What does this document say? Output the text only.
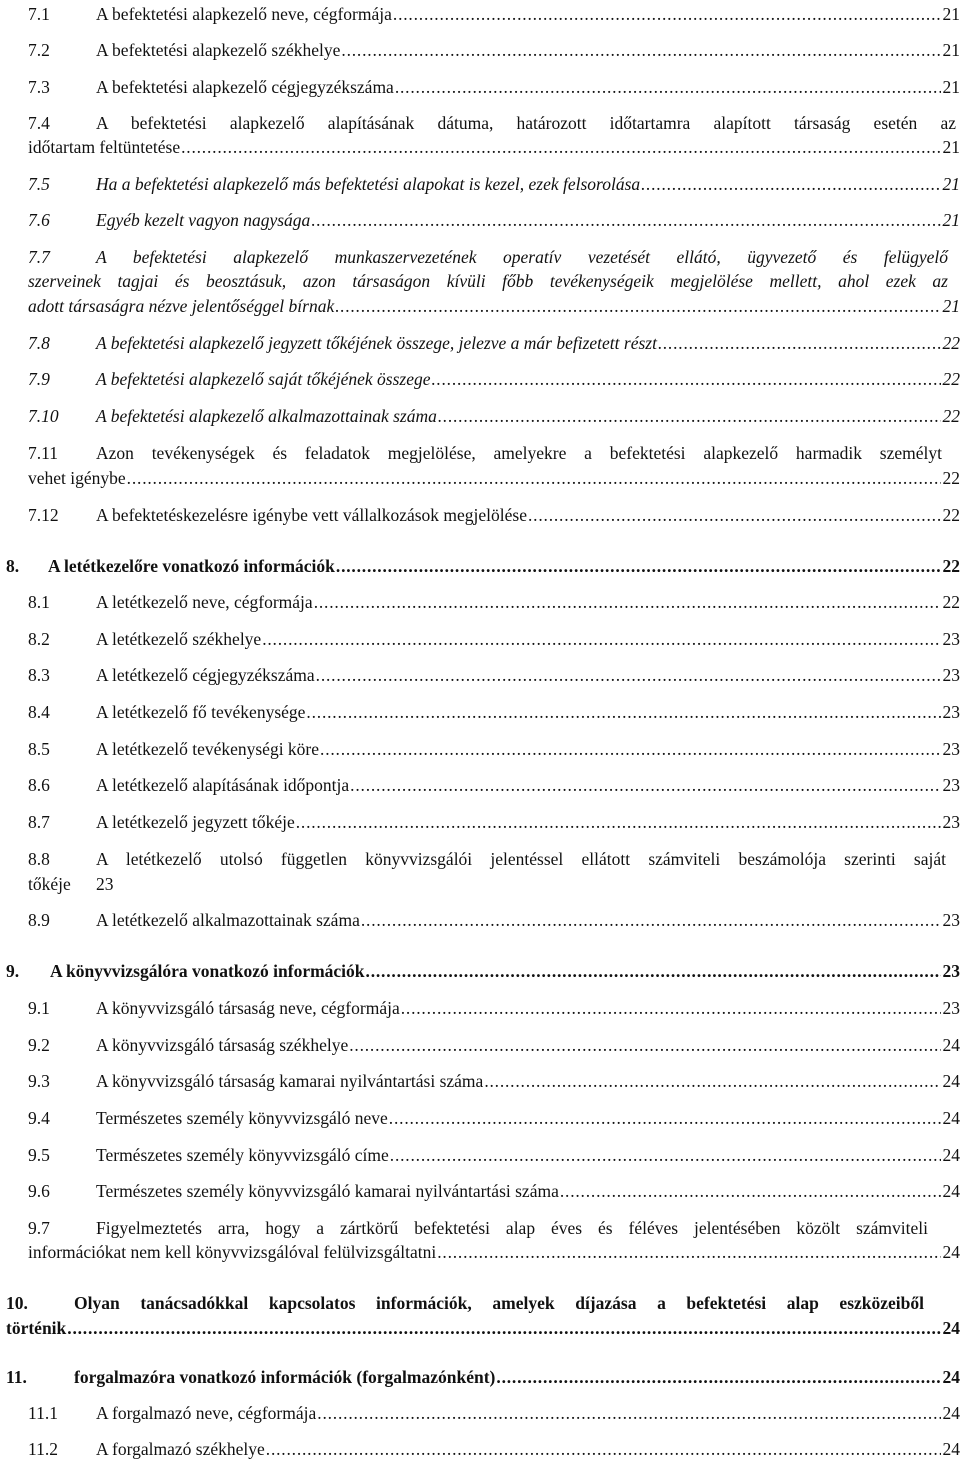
7.1	A befektetési alapkezelő neve, cégformája .....	21
7.2	A befektetési alapkezelő székhelye .....	21
7.3	A befektetési alapkezelő cégjegyzékszáma .....	21
7.4	A befektetési alapkezelő alapításának dátuma, határozott időtartamra alapított társaság esetén az
időtartam feltüntetése .....	21
7.5	Ha a befektetési alapkezelő más befektetési alapokat is kezel, ezek felsorolása .....	21
7.6	Egyéb kezelt vagyon nagysága .....	21
7.7	A befektetési alapkezelő munkaszervezetének operatív vezetését ellátó, ügyvezető és felügyelő
szerveinek tagjai és beosztásuk, azon társaságon kívüli főbb tevékenységeik megjelölése mellett, ahol ezek az
adott társaságra nézve jelentőséggel bírnak .....	21
7.8	A befektetési alapkezelő jegyzett tőkéjének összege, jelezve a már befizetett részt .....	22
7.9	A befektetési alapkezelő saját tőkéjének összege .....	22
7.10	A befektetési alapkezelő alkalmazottainak száma .....	22
7.11 Azon tevékenységek és feladatok megjelölése, amelyekre a befektetési alapkezelő harmadik személyt
vehet igénybe .....	22
7.12	A befektetéskezelésre igénybe vett vállalkozások megjelölése .....	22
8.	A letétkezelőre vonatkozó információk .....	22
8.1	A letétkezelő neve, cégformája .....	22
8.2	A letétkezelő székhelye .....	23
8.3	A letétkezelő cégjegyzékszáma .....	23
8.4	A letétkezelő fő tevékenysége .....	23
8.5	A letétkezelő tevékenységi köre .....	23
8.6	A letétkezelő alapításának időpontja .....	23
8.7	A letétkezelő jegyzett tőkéje .....	23
8.8	A letétkezelő utolsó független könyvvizsgálói jelentéssel ellátott számviteli beszámolója szerinti saját
tőkéje 23
8.9	A letétkezelő alkalmazottainak száma .....	23
9.	A könyvvizsgálóra vonatkozó információk .....	23
9.1	A könyvvizsgáló társaság neve, cégformája .....	23
9.2	A könyvvizsgáló társaság székhelye .....	24
9.3	A könyvvizsgáló társaság kamarai nyilvántartási száma .....	24
9.4	Természetes személy könyvvizsgáló neve .....	24
9.5	Természetes személy könyvvizsgáló címe .....	24
9.6	Természetes személy könyvvizsgáló kamarai nyilvántartási száma .....	24
9.7	Figyelmeztetés arra, hogy a zártkörű befektetési alap éves és féléves jelentésében közölt számviteli
információkat nem kell könyvvizsgálóval felülvizsgáltatni .....	24
10.	Olyan tanácsadókkal kapcsolatos információk, amelyek díjazása a befektetési alap eszközeiből
történik .....	24
11.	forgalmazóra vonatkozó információk (forgalmazónként) .....	24
11.1	A forgalmazó neve, cégformája .....	24
11.2	A forgalmazó székhelye .....	24
